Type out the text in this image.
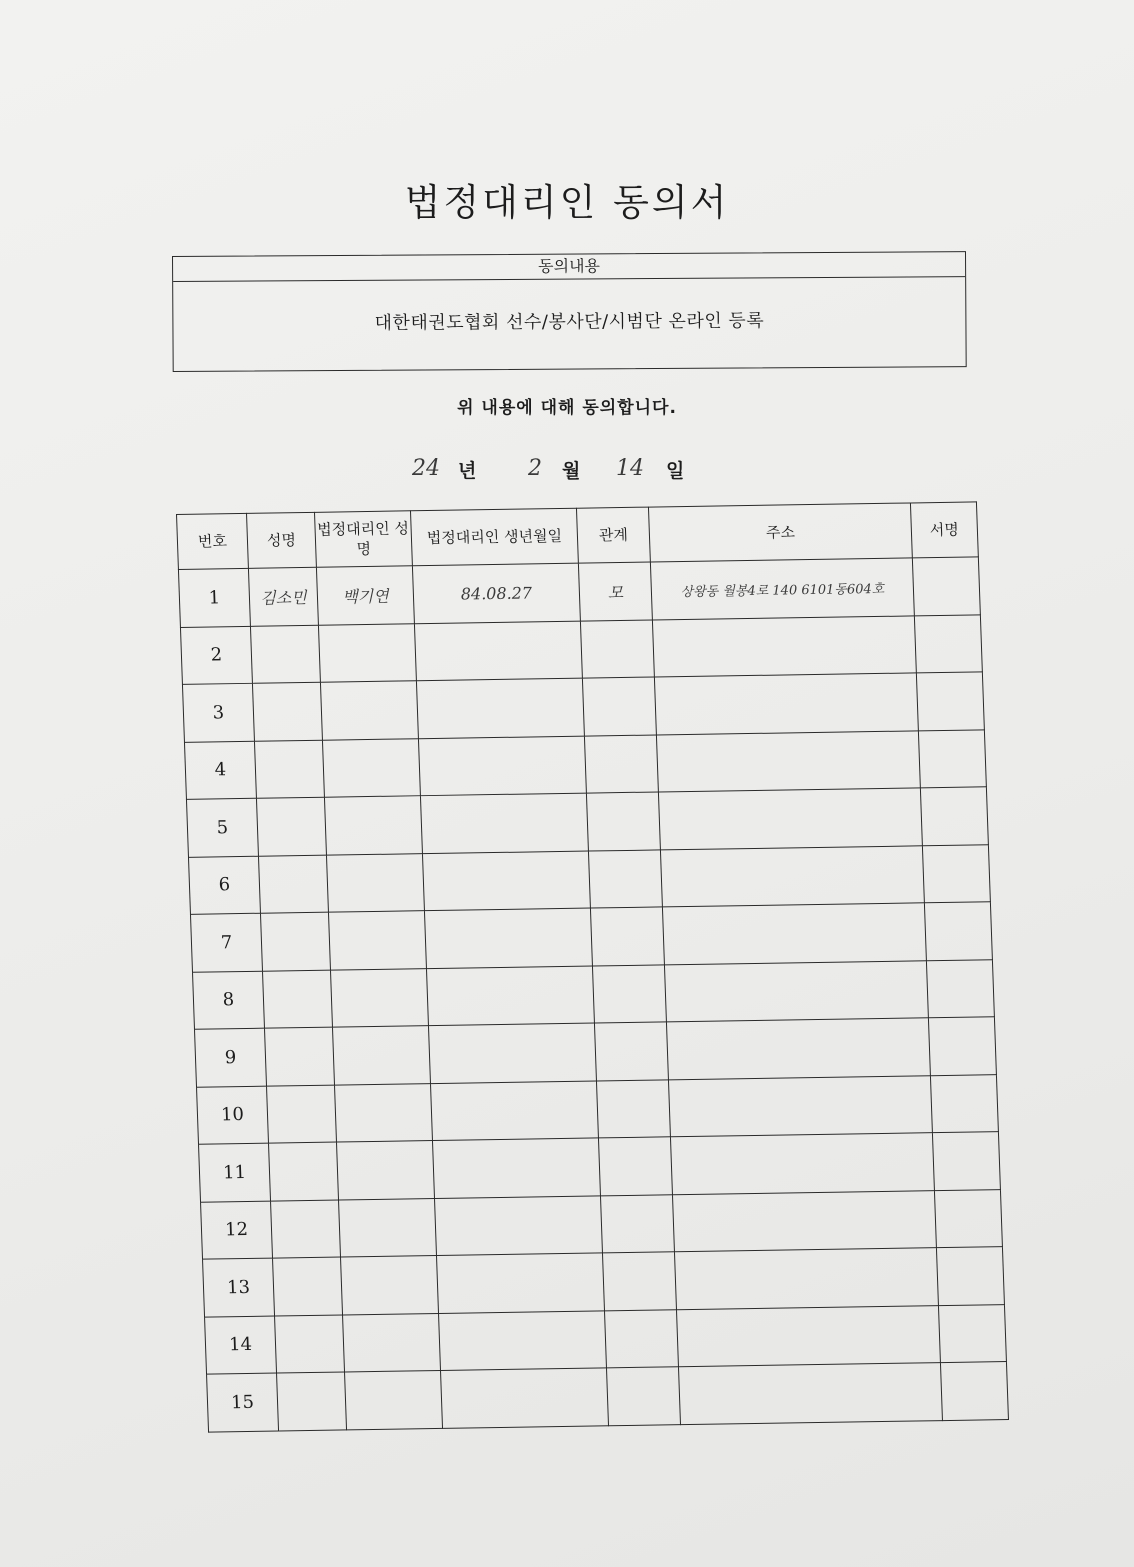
법정대리인 동의서
동의내용
대한태권도협회 선수/봉사단/시범단 온라인 등록
위 내용에 대해 동의합니다.
24 년 2 월 14 일
번호	성명	법정대리인 성명	법정대리인 생년월일	관계	주소	서명
1	김소민	백기연	84.08.27	모	상왕동 월봉4로 140 6101동604호	
2						
3						
4						
5						
6						
7						
8						
9						
10						
11						
12						
13						
14						
15						
